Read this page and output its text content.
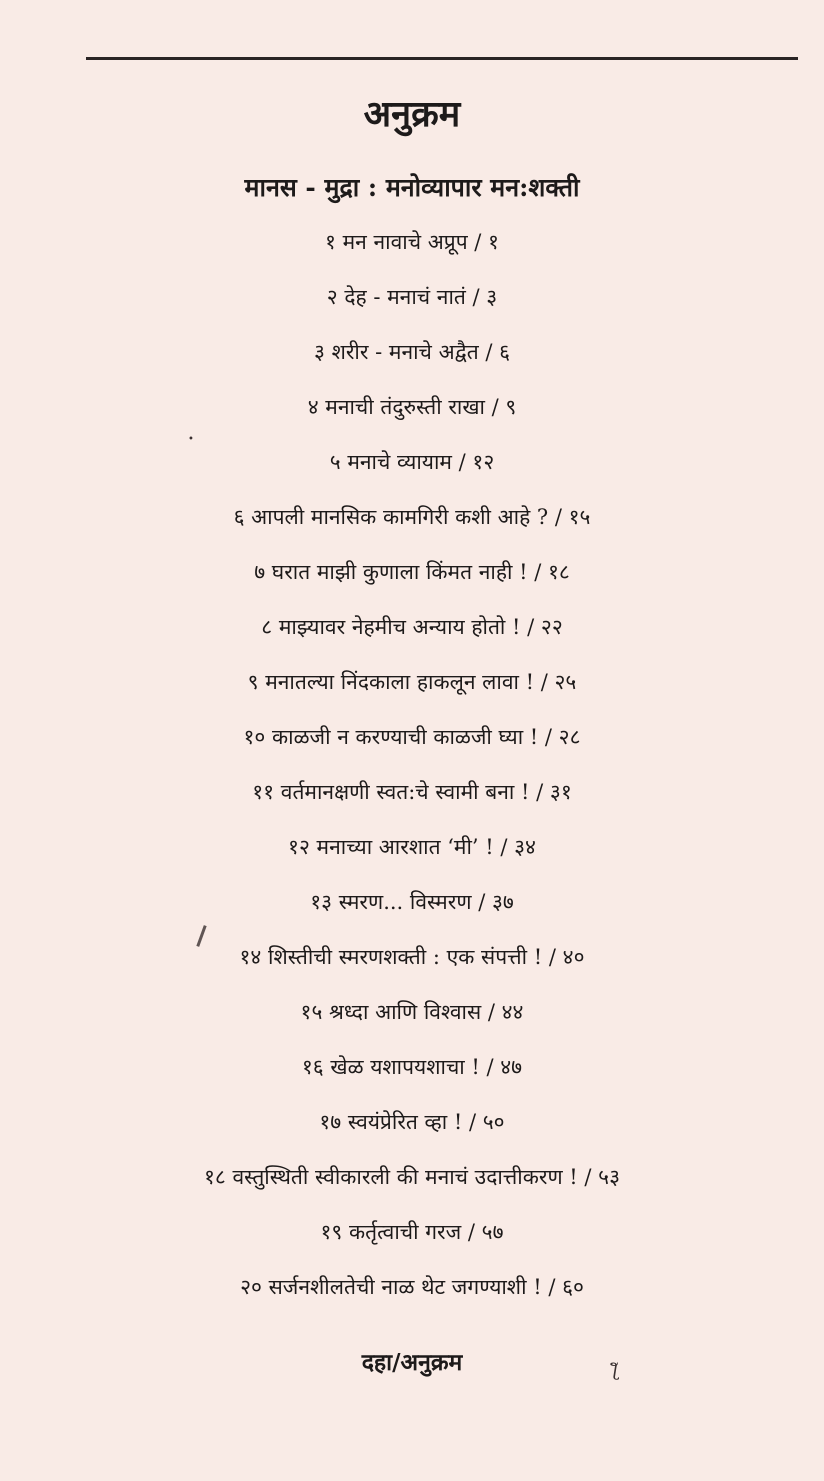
अनुक्रम
मानस - मुद्रा : मनोव्यापार मन:शक्ती
१ मन नावाचे अप्रूप / १
२ देह - मनाचं नातं / ३
३ शरीर - मनाचे अद्वैत / ६
४ मनाची तंदुरुस्ती राखा / ९
५ मनाचे व्यायाम / १२
६ आपली मानसिक कामगिरी कशी आहे ? / १५
७ घरात माझी कुणाला किंमत नाही ! / १८
८ माझ्यावर नेहमीच अन्याय होतो ! / २२
९ मनातल्या निंदकाला हाकलून लावा ! / २५
१० काळजी न करण्याची काळजी घ्या ! / २८
११ वर्तमानक्षणी स्वत:चे स्वामी बना ! / ३१
१२ मनाच्या आरशात ‘मी’ ! / ३४
१३ स्मरण... विस्मरण / ३७
१४ शिस्तीची स्मरणशक्ती : एक संपत्ती ! / ४०
१५ श्रध्दा आणि विश्वास / ४४
१६ खेळ यशापयशाचा ! / ४७
१७ स्वयंप्रेरित व्हा ! / ५०
१८ वस्तुस्थिती स्वीकारली की मनाचं उदात्तीकरण ! / ५३
१९ कर्तृत्वाची गरज / ५७
२० सर्जनशीलतेची नाळ थेट जगण्याशी ! / ६०
दहा/अनुक्रम
•
ƪ
